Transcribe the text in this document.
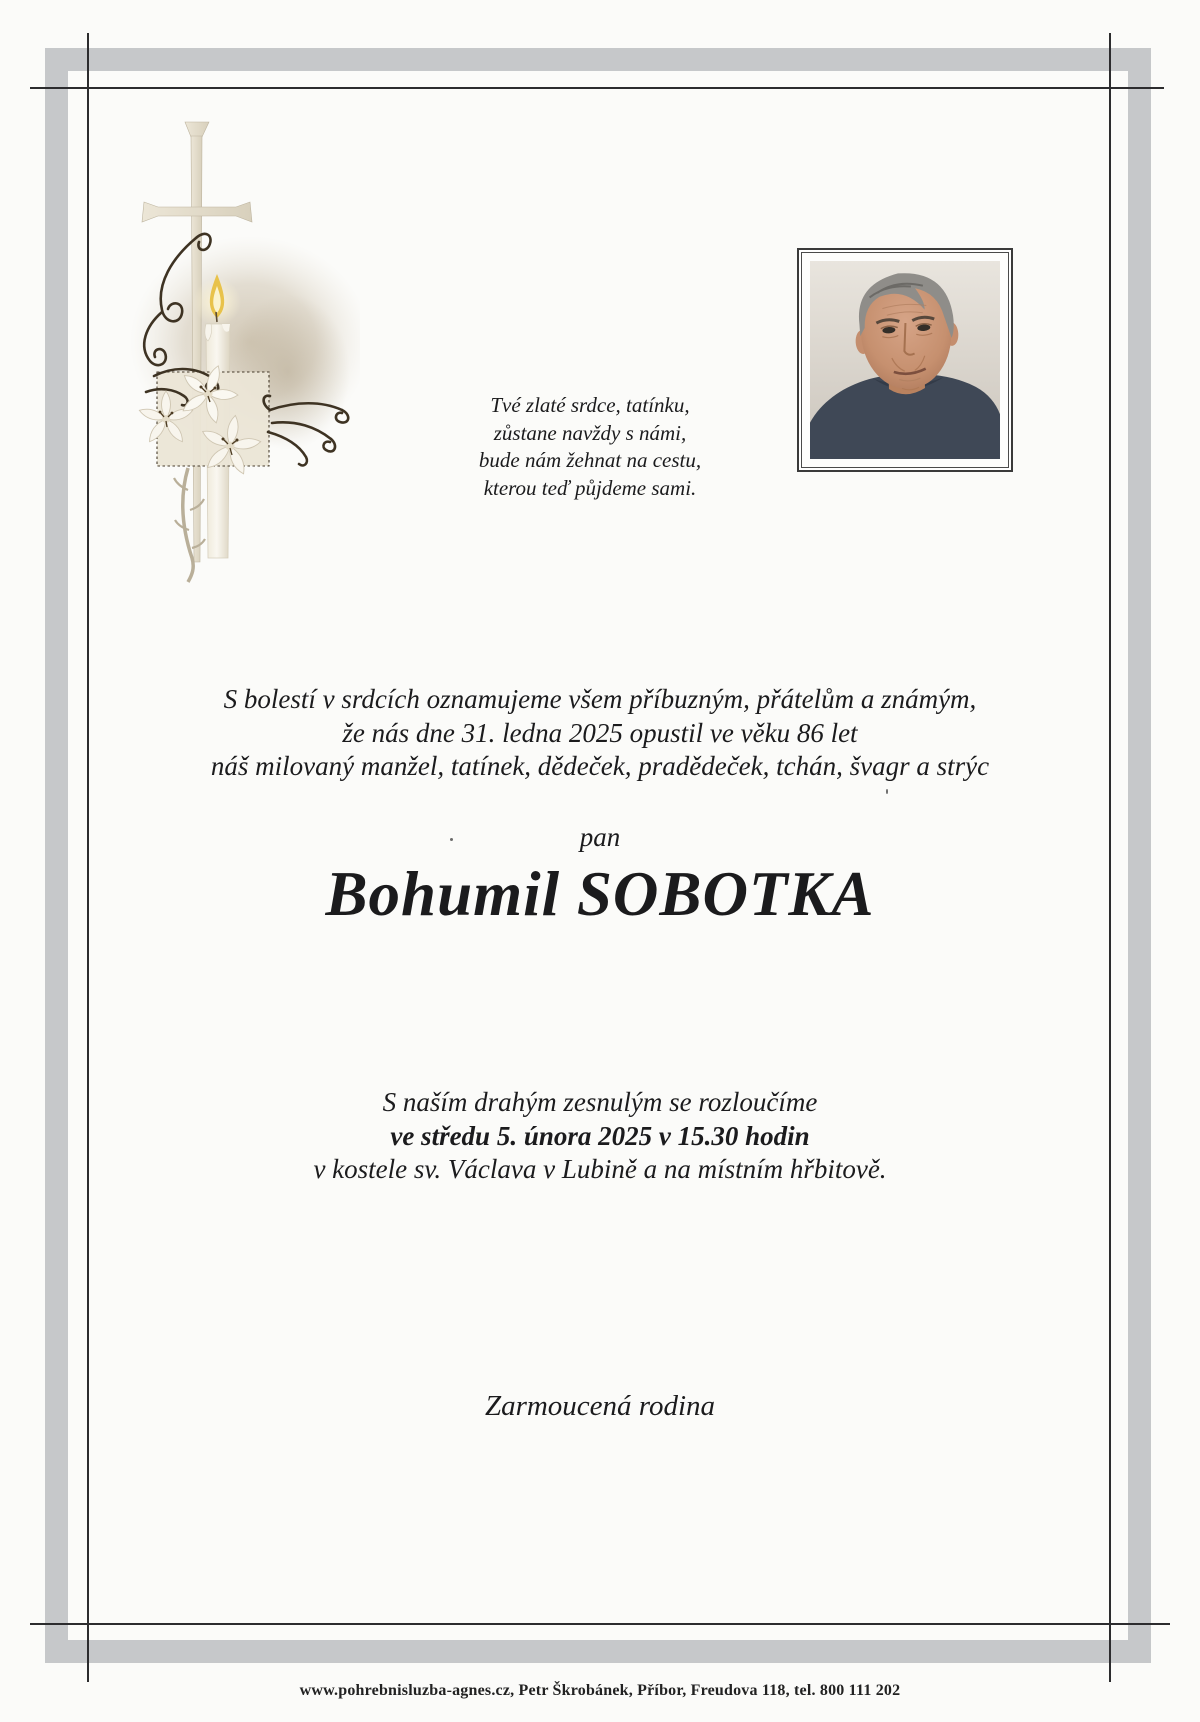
Tvé zlaté srdce, tatínku,
zůstane navždy s námi,
bude nám žehnat na cestu,
kterou teď půjdeme sami.
S bolestí v srdcích oznamujeme všem příbuzným, přátelům a známým,
že nás dne 31. ledna 2025 opustil ve věku 86 let
náš milovaný manžel, tatínek, dědeček, pradědeček, tchán, švagr a strýc
pan
Bohumil SOBOTKA
S naším drahým zesnulým se rozloučíme
ve středu 5. února 2025 v 15.30 hodin
v kostele sv. Václava v Lubině a na místním hřbitově.
Zarmoucená rodina
www.pohrebnisluzba-agnes.cz, Petr Škrobánek, Příbor, Freudova 118, tel. 800 111 202
